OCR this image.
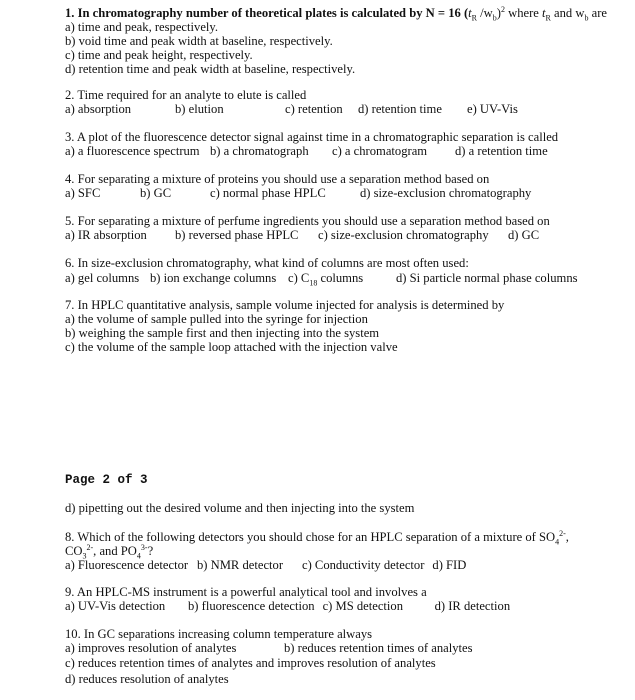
1. In chromatography number of theoretical plates is calculated by N = 16 ($t_R$ $/w_b)^2$ where $t_R$ and $w_b$ are
a) time and peak, respectively.
b) void time and peak width at baseline, respectively.
c) time and peak height, respectively.
d) retention time and peak width at baseline, respectively.
2. Time required for an analyte to elute is called
a) absorption	b) elution	c) retention	d) retention time	e) UV-Vis
3. A plot of the fluorescence detector signal against time in a chromatographic separation is called
a) a fluorescence spectrum b) a chromatograph	c) a chromatogram	d) a retention time
4. For separating a mixture of proteins you should use a separation method based on
a) SFC	b) GC	c) normal phase HPLC	d) size-exclusion chromatography
5. For separating a mixture of perfume ingredients you should use a separation method based on
a) IR absorption	b) reversed phase HPLC	c) size-exclusion chromatography	d) GC
6. In size-exclusion chromatography, what kind of columns are most often used:
a) gel columns b) ion exchange columns c) $C_{18}$ columns	d) Si particle normal phase columns
7. In HPLC quantitative analysis, sample volume injected for analysis is determined by
a) the volume of sample pulled into the syringe for injection
b) weighing the sample first and then injecting into the system
c) the volume of the sample loop attached with the injection valve
Page 2 of 3
d) pipetting out the desired volume and then injecting into the system
8. Which of the following detectors you should chose for an HPLC separation of a mixture of $SO_4^{2-}$,
$CO_3^{2-}$, and $PO_4^{3-}$?
a) Fluorescence detector b) NMR detector	c) Conductivity detector d) FID
9. An HPLC-MS instrument is a powerful analytical tool and involves a
a) UV-Vis detection	b) fluorescence detection c) MS detection	d) IR detection
10. In GC separations increasing column temperature always
a) improves resolution of analytes	b) reduces retention times of analytes
c) reduces retention times of analytes and improves resolution of analytes
d) reduces resolution of analytes
